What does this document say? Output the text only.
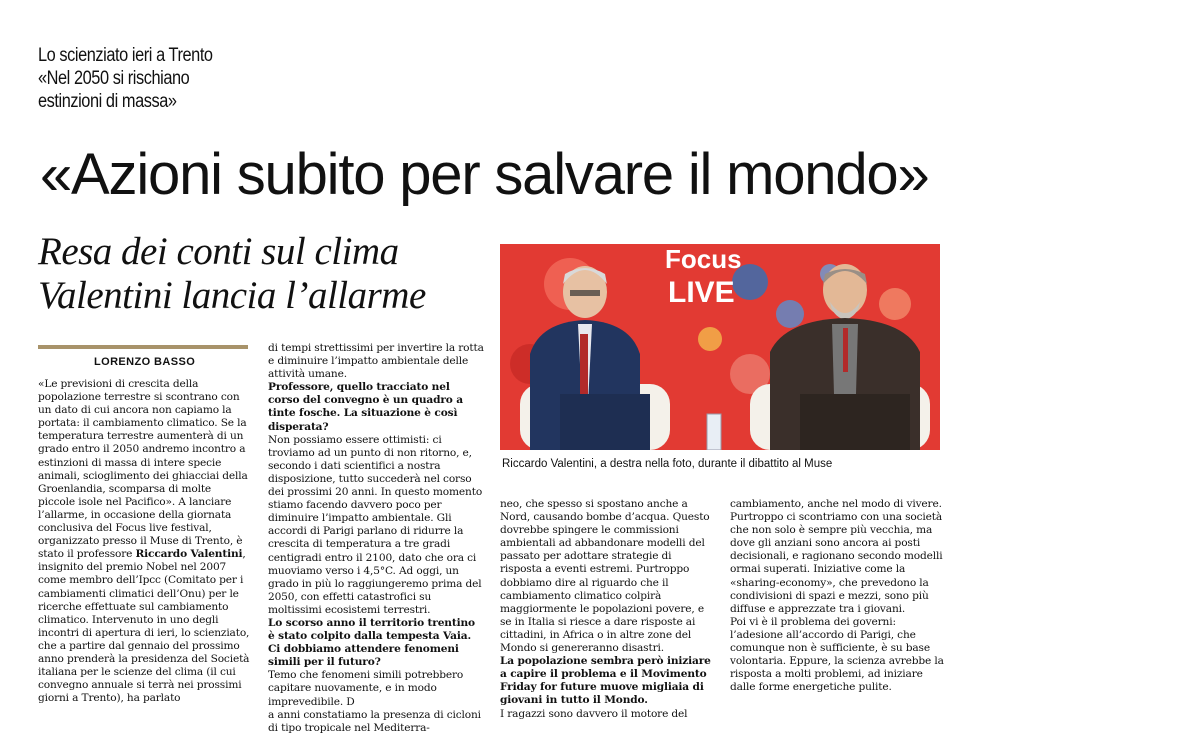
Lo scienziato ieri a Trento
«Nel 2050 si rischiano
estinzioni di massa»
«Azioni subito per salvare il mondo»
Resa dei conti sul clima
Valentini lancia l’allarme
LORENZO BASSO

«Le previsioni di crescita della popolazione terrestre si scontrano con un dato di cui ancora non capiamo la portata: il cambiamento climatico. Se la temperatura terrestre aumenterà di un grado entro il 2050 andremo incontro a estinzioni di massa di intere specie animali, scioglimento dei ghiacciai della Groenlandia, scomparsa di molte piccole isole nel Pacifico». A lanciare l’allarme, in occasione della giornata conclusiva del Focus live festival, organizzato presso il Muse di Trento, è stato il professore Riccardo Valentini, insignito del premio Nobel nel 2007 come membro dell’Ipcc (Comitato per i cambiamenti climatici dell’Onu) per le ricerche effettuate sul cambiamento climatico. Intervenuto in uno degli incontri di apertura di ieri, lo scienziato, che a partire dal gennaio del prossimo anno prenderà la presidenza del Società italiana per le scienze del clima (il cui convegno annuale si terrà nei prossimi giorni a Trento), ha parlato

di tempi strettissimi per invertire la rotta e diminuire l’impatto ambientale delle attività umane.

Professore, quello tracciato nel corso del convegno è un quadro a tinte fosche. La situazione è così disperata?

Non possiamo essere ottimisti: ci troviamo ad un punto di non ritorno, e, secondo i dati scientifici a nostra disposizione, tutto succederà nel corso dei prossimi 20 anni. In questo momento stiamo facendo davvero poco per diminuire l’impatto ambientale. Gli accordi di Parigi parlano di ridurre la crescita di temperatura a tre gradi centigradi entro il 2100, dato che ora ci muoviamo verso i 4,5°C. Ad oggi, un grado in più lo raggiungeremo prima del 2050, con effetti catastrofici su moltissimi ecosistemi terrestri.

Lo scorso anno il territorio trentino è stato colpito dalla tempesta Vaia. Ci dobbiamo attendere fenomeni simili per il futuro?

Temo che fenomeni simili potrebbero capitare nuovamente, e in modo imprevedibile. D

a anni constatiamo la presenza di cicloni di tipo tropicale nel Mediterra-

neo, che spesso si spostano anche a Nord, causando bombe d’acqua. Questo dovrebbe spingere le commissioni ambientali ad abbandonare modelli del passato per adottare strategie di risposta a eventi estremi. Purtroppo dobbiamo dire al riguardo che il cambiamento climatico colpirà maggiormente le popolazioni povere, e se in Italia si riesce a dare risposte ai cittadini, in Africa o in altre zone del Mondo si genereranno disastri.

La popolazione sembra però iniziare a capire il problema e il Movimento Friday for future muove migliaia di giovani in tutto il Mondo.

I ragazzi sono davvero il motore del

cambiamento, anche nel modo di vivere. Purtroppo ci scontriamo con una società che non solo è sempre più vecchia, ma dove gli anziani sono ancora ai posti decisionali, e ragionano secondo modelli ormai superati. Iniziative come la «sharing-economy», che prevedono la condivisioni di spazi e mezzi, sono più diffuse e apprezzate tra i giovani.

Poi vi è il problema dei governi: l’adesione all’accordo di Parigi, che comunque non è sufficiente, è su base volontaria. Eppure, la scienza avrebbe la risposta a molti problemi, ad iniziare dalle forme energetiche pulite.

Focus
LIVE
Riccardo Valentini, a destra nella foto, durante il dibattito al Muse
